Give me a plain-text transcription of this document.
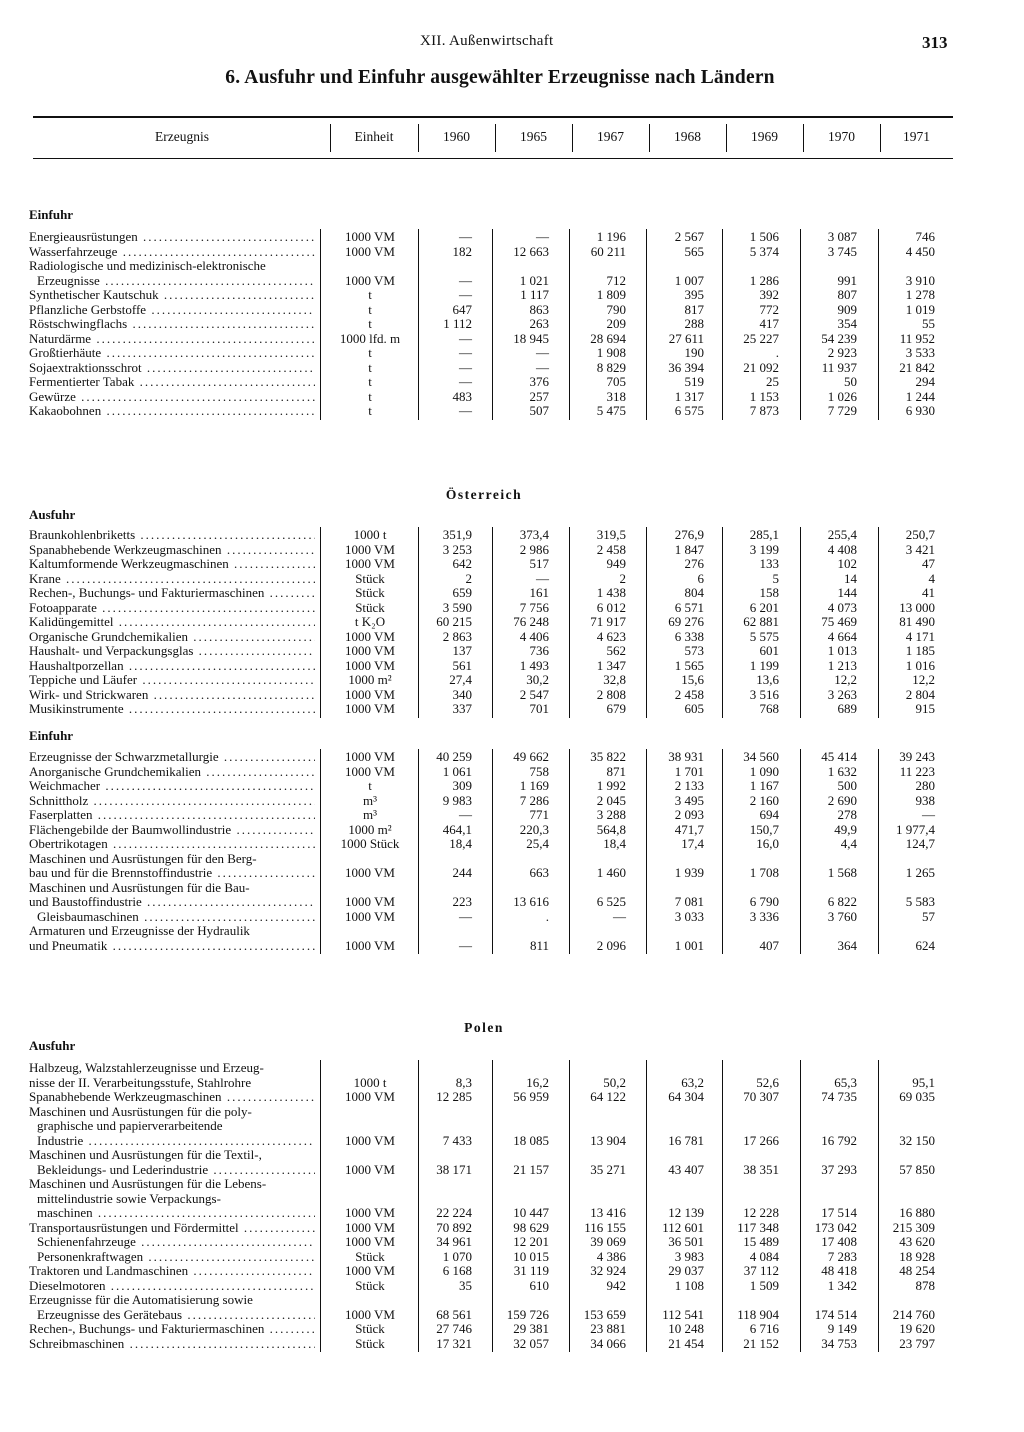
XII. Außenwirtschaft	313
6. Ausfuhr und Einfuhr ausgewählter Erzeugnisse nach Ländern
Erzeugnis	Einheit	1960	1965	1967	1968	1969	1970	1971
Einfuhr
Energieausrüstungen .....	1000 VM	—	—	1 196	2 567	1 506	3 087	746
Wasserfahrzeuge .....	1000 VM	182	12 663	60 211	565	5 374	3 745	4 450
Radiologische und medizinisch-elektronische
Erzeugnisse .....	1000 VM	—	1 021	712	1 007	1 286	991	3 910
Synthetischer Kautschuk .....	t	—	1 117	1 809	395	392	807	1 278
Pflanzliche Gerbstoffe .....	t	647	863	790	817	772	909	1 019
Röstschwingflachs .....	t	1 112	263	209	288	417	354	55
Naturdärme .....	1000 lfd. m	—	18 945	28 694	27 611	25 227	54 239	11 952
Großtierhäute .....	t	—	—	1 908	190	.	2 923	3 533
Sojaextraktionsschrot .....	t	—	—	8 829	36 394	21 092	11 937	21 842
Fermentierter Tabak .....	t	—	376	705	519	25	50	294
Gewürze .....	t	483	257	318	1 317	1 153	1 026	1 244
Kakaobohnen .....	t	—	507	5 475	6 575	7 873	7 729	6 930
Österreich
Ausfuhr
Braunkohlenbriketts .....	1000 t	351,9	373,4	319,5	276,9	285,1	255,4	250,7
Spanabhebende Werkzeugmaschinen .....	1000 VM	3 253	2 986	2 458	1 847	3 199	4 408	3 421
Kaltumformende Werkzeugmaschinen .....	1000 VM	642	517	949	276	133	102	47
Krane .....	Stück	2	—	2	6	5	14	4
Rechen-, Buchungs- und Fakturiermaschinen .....	Stück	659	161	1 438	804	158	144	41
Fotoapparate .....	Stück	3 590	7 756	6 012	6 571	6 201	4 073	13 000
Kalidüngemittel .....	t K₂O	60 215	76 248	71 917	69 276	62 881	75 469	81 490
Organische Grundchemikalien .....	1000 VM	2 863	4 406	4 623	6 338	5 575	4 664	4 171
Haushalt- und Verpackungsglas .....	1000 VM	137	736	562	573	601	1 013	1 185
Haushaltporzellan .....	1000 VM	561	1 493	1 347	1 565	1 199	1 213	1 016
Teppiche und Läufer .....	1000 m²	27,4	30,2	32,8	15,6	13,6	12,2	12,2
Wirk- und Strickwaren .....	1000 VM	340	2 547	2 808	2 458	3 516	3 263	2 804
Musikinstrumente .....	1000 VM	337	701	679	605	768	689	915
Einfuhr
Erzeugnisse der Schwarzmetallurgie .....	1000 VM	40 259	49 662	35 822	38 931	34 560	45 414	39 243
Anorganische Grundchemikalien .....	1000 VM	1 061	758	871	1 701	1 090	1 632	11 223
Weichmacher .....	t	309	1 169	1 992	2 133	1 167	500	280
Schnittholz .....	m³	9 983	7 286	2 045	3 495	2 160	2 690	938
Faserplatten .....	m³	—	771	3 288	2 093	694	278	—
Flächengebilde der Baumwollindustrie .....	1000 m²	464,1	220,3	564,8	471,7	150,7	49,9	1 977,4
Obertrikotagen .....	1000 Stück	18,4	25,4	18,4	17,4	16,0	4,4	124,7
Maschinen und Ausrüstungen für den Berg-
bau und für die Brennstoffindustrie .....	1000 VM	244	663	1 460	1 939	1 708	1 568	1 265
Maschinen und Ausrüstungen für die Bau-
und Baustoffindustrie .....	1000 VM	223	13 616	6 525	7 081	6 790	6 822	5 583
Gleisbaumaschinen .....	1000 VM	—	.	—	3 033	3 336	3 760	57
Armaturen und Erzeugnisse der Hydraulik
und Pneumatik .....	1000 VM	—	811	2 096	1 001	407	364	624
Polen
Ausfuhr
Halbzeug, Walzstahlerzeugnisse und Erzeug-
nisse der II. Verarbeitungsstufe, Stahlrohre	1000 t	8,3	16,2	50,2	63,2	52,6	65,3	95,1
Spanabhebende Werkzeugmaschinen .....	1000 VM	12 285	56 959	64 122	64 304	70 307	74 735	69 035
Maschinen und Ausrüstungen für die poly-
graphische und papierverarbeitende
Industrie .....	1000 VM	7 433	18 085	13 904	16 781	17 266	16 792	32 150
Maschinen und Ausrüstungen für die Textil-,
Bekleidungs- und Lederindustrie .....	1000 VM	38 171	21 157	35 271	43 407	38 351	37 293	57 850
Maschinen und Ausrüstungen für die Lebens-
mittelindustrie sowie Verpackungs-
maschinen .....	1000 VM	22 224	10 447	13 416	12 139	12 228	17 514	16 880
Transportausrüstungen und Fördermittel .....	1000 VM	70 892	98 629	116 155	112 601	117 348	173 042	215 309
Schienenfahrzeuge .....	1000 VM	34 961	12 201	39 069	36 501	15 489	17 408	43 620
Personenkraftwagen .....	Stück	1 070	10 015	4 386	3 983	4 084	7 283	18 928
Traktoren und Landmaschinen .....	1000 VM	6 168	31 119	32 924	29 037	37 112	48 418	48 254
Dieselmotoren .....	Stück	35	610	942	1 108	1 509	1 342	878
Erzeugnisse für die Automatisierung sowie
Erzeugnisse des Gerätebaus .....	1000 VM	68 561	159 726	153 659	112 541	118 904	174 514	214 760
Rechen-, Buchungs- und Fakturiermaschinen .....	Stück	27 746	29 381	23 881	10 248	6 716	9 149	19 620
Schreibmaschinen .....	Stück	17 321	32 057	34 066	21 454	21 152	34 753	23 797
